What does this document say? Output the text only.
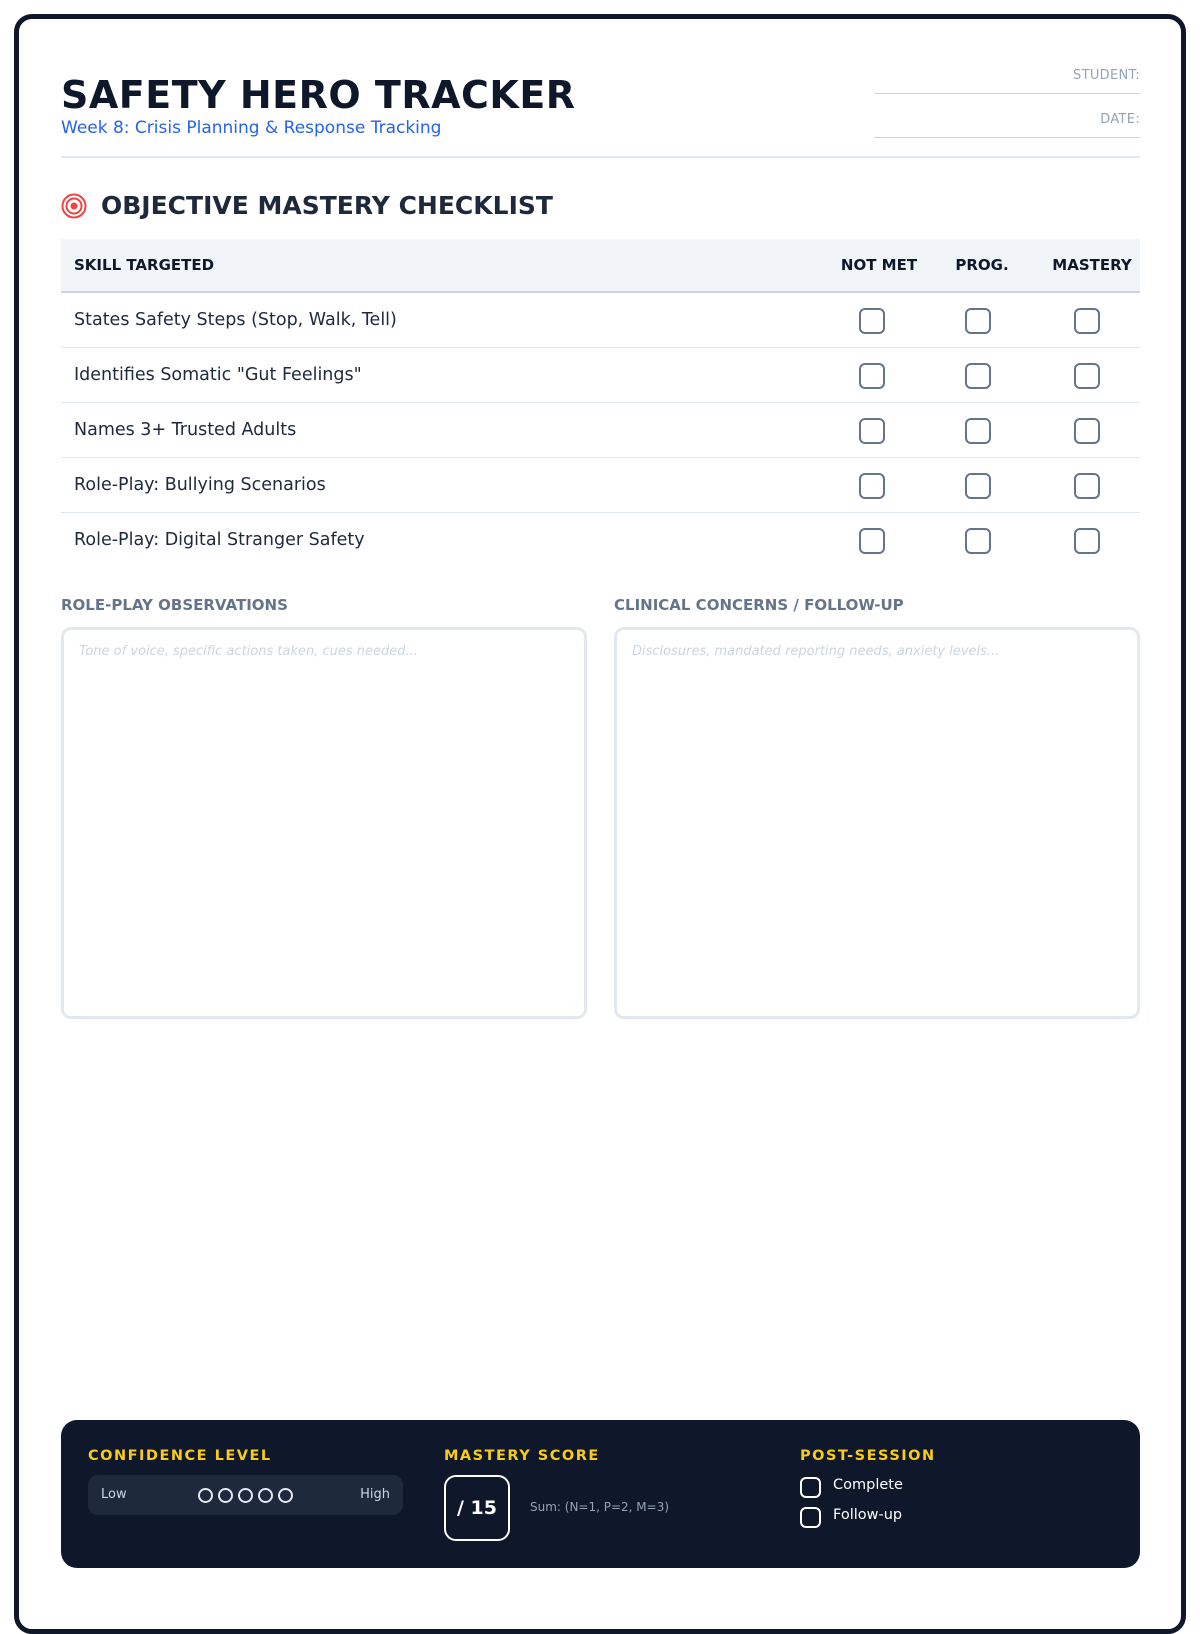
SAFETY HERO TRACKER
Week 8: Crisis Planning & Response Tracking
STUDENT:
DATE:
OBJECTIVE MASTERY CHECKLIST
SKILL TARGETED	NOT MET	PROG.	MASTERY
States Safety Steps (Stop, Walk, Tell)
Identifies Somatic "Gut Feelings"
Names 3+ Trusted Adults
Role-Play: Bullying Scenarios
Role-Play: Digital Stranger Safety
ROLE-PLAY OBSERVATIONS	CLINICAL CONCERNS / FOLLOW-UP
Tone of voice, specific actions taken, cues needed...
Disclosures, mandated reporting needs, anxiety levels...
CONFIDENCE LEVEL
Low	High
MASTERY SCORE
/ 15	Sum: (N=1, P=2, M=3)
POST-SESSION
Complete
Follow-up
